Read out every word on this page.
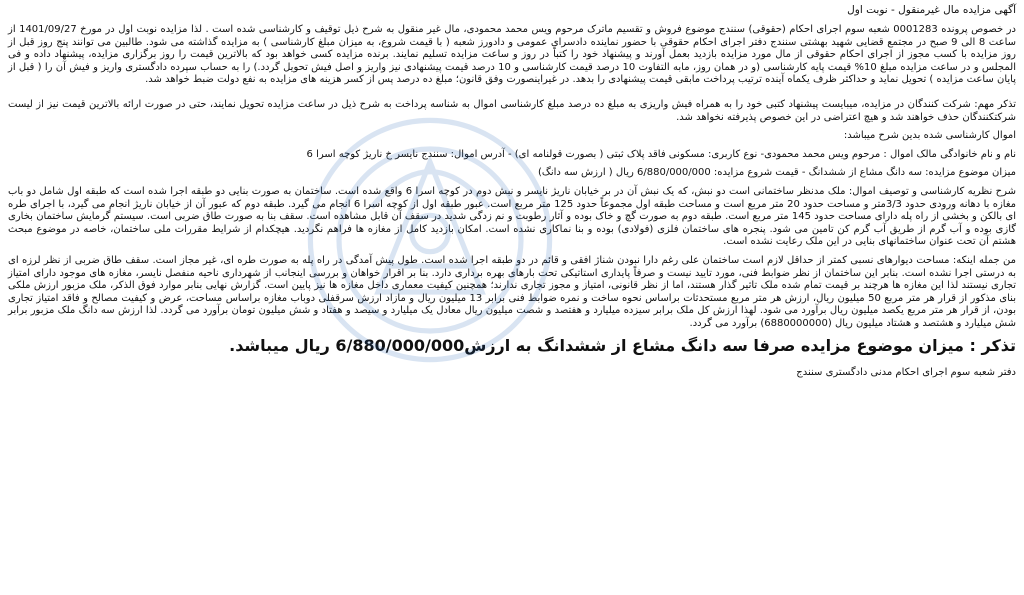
آگهی مزایده مال غیرمنقول - نوبت اول

در خصوص پرونده 0001283 شعبه سوم اجرای احکام (حقوقی) سنندج موضوع فروش و تقسیم ماترک مرحوم ویس محمد محمودی، مال غیر منقول به شرح ذیل توقیف و کارشناسی شده است . لذا مزایده نوبت اول در مورخ 1401/09/27 از ساعت 8 الی 9 صبح در مجتمع قضایی شهید بهشتی سنندج دفتر اجرای احکام حقوقی با حضور نماینده دادسرای عمومی و دادورز شعبه ( با قیمت شروع، به میزان مبلغ کارشناسی ) به مزایده گذاشته می شود. طالبین می توانند پنج روز قبل از روز مزایده با کسب مجوز از اجرای احکام حقوقی از مال مورد مزایده بازدید بعمل آورند و پیشنهاد خود را کتباً در روز و ساعت مزایده تسلیم نمایند. برنده مزایده کسی خواهد بود که بالاترین قیمت را روز برگزاری مزایده، پیشنهاد داده و فی المجلس و در ساعت مزایده مبلغ 10% قیمت پایه کارشناسی (و در همان روز، مابه التفاوت 10 درصد قیمت کارشناسی و 10 درصد قیمت پیشنهادی نیز واریز و اصل فیش تحویل گردد.) را به حساب سپرده دادگستری واریز و فیش آن را ( قبل از پایان ساعت مزایده ) تحویل نماید و حداکثر ظرف یکماه آینده ترتیب پرداخت مابقی قیمت پیشنهادی را بدهد. در غیراینصورت وفق قانون؛ مبلغ ده درصد پس از کسر هزینه های مزایده به نفع دولت ضبط خواهد شد.

تذکر مهم: شرکت کنندگان در مزایده، میبایست پیشنهاد کتبی خود را به همراه فیش واریزی به مبلغ ده درصد مبلغ کارشناسی اموال به شناسه پرداخت به شرح ذیل در ساعت مزایده تحویل نمایند، حتی در صورت ارائه بالاترین قیمت نیز از لیست شرکتکنندگان حذف خواهند شد و هیچ اعتراضی در این خصوص پذیرفته نخواهد شد.

اموال کارشناسی شده بدین شرح میباشد:

نام و نام خانوادگی مالک اموال : مرحوم ویس محمد محمودی- نوع کاربری: مسکونی فاقد پلاک ثبتی ( بصورت قولنامه ای) - آدرس اموال: سنندج نایسر خ ناریژ کوچه اسرا 6

میزان موضوع مزایده: سه دانگ مشاع از ششدانگ - قیمت شروع مزایده: 6/880/000/000 ریال ( ارزش سه دانگ)

شرح نظریه کارشناسی و توصیف اموال: ملک مدنظر ساختمانی است دو نبش، که یک نبش آن در بر خیابان ناریژ نایسر و نبش دوم در کوچه اسرا 6 واقع شده است. ساختمان به صورت بنایی دو طبقه اجرا شده است که طبقه اول شامل دو باب مغازه با دهانه ورودی حدود 3/3متر و مساحت حدود 20 متر مربع است و مساحت طبقه اول مجموعاً حدود 125 متر مربع است. عبور طبقه اول از کوچه اسرا 6 انجام می گیرد. طبقه دوم که عبور آن از خیابان ناریژ انجام می گیرد، با اجرای طره ای بالکن و بخشی از راه پله دارای مساحت حدود 145 متر مربع است. طبقه دوم به صورت گچ و خاک بوده و آثار رطوبت و نم زدگی شدید در سقف آن قابل مشاهده است. سقف بنا به صورت طاق ضربی است. سیستم گرمایش ساختمان بخاری گازی بوده و آب گرم از طریق آب گرم کن تامین می شود. پنجره های ساختمان فلزی (فولادی) بوده و بنا نماکاری نشده است. امکان بازدید کامل از مغازه ها فراهم نگردید. هیچکدام از شرایط مقررات ملی ساختمان، خاصه در موضوع مبحث هشتم آن تحت عنوان ساختمانهای بنایی در این ملک رعایت نشده است.

من جمله اینکه: مساحت دیوارهای نسبی کمتر از حداقل لازم است ساختمان علی رغم دارا نبودن شناژ افقی و قائم در دو طبقه اجرا شده است. طول پیش آمدگی در راه پله به صورت طره ای، غیر مجاز است. سقف طاق ضربی از نظر لرزه ای به درستی اجرا نشده است. بنابر این ساختمان از نظر ضوابط فنی، مورد تایید نیست و صرفاً پایداری استاتیکی تحت بارهای بهره برداری دارد. بنا بر اقرار خواهان و بررسی اینجانب از شهرداری ناحیه منفصل نایسر، مغازه های موجود دارای امتیاز تجاری نیستند لذا این مغازه ها هرچند بر قیمت تمام شده ملک تاثیر گذار هستند، اما از نظر قانونی، امتیاز و مجوز تجاری ندارند؛ همچنین کیفیت معماری داخل مغازه ها نیز پایین است. گزارش نهایی بنابر موارد فوق الذکر، ملک مزبور ارزش ملکی بنای مذکور از قرار هر متر مربع 50 میلیون ریال، ارزش هر متر مربع مستحدثات براساس نحوه ساخت و نمره ضوابط فنی برابر 13 میلیون ریال و مازاد ارزش سرقفلی دوباب مغازه براساس مساحت، عرض و کیفیت مصالح و فاقد امتیاز تجاری بودن، از قرار هر متر مربع یکصد میلیون ریال برآورد می شود. لهذا ارزش کل ملک برابر سیزده میلیارد و هفتصد و شصت میلیون ریال معادل یک میلیارد و سیصد و هفتاد و شش میلیون تومان برآورد می گردد. لذا ارزش سه دانگ ملک مزبور برابر شش میلیارد و هشتصد و هشتاد میلیون ریال (6880000000) برآورد می گردد.

تذکر : میزان موضوع مزایده صرفا سه دانگ مشاع از ششدانگ به ارزش6/880/000/000 ریال میباشد.
دفتر شعبه سوم اجرای احکام مدنی دادگستری سنندج
